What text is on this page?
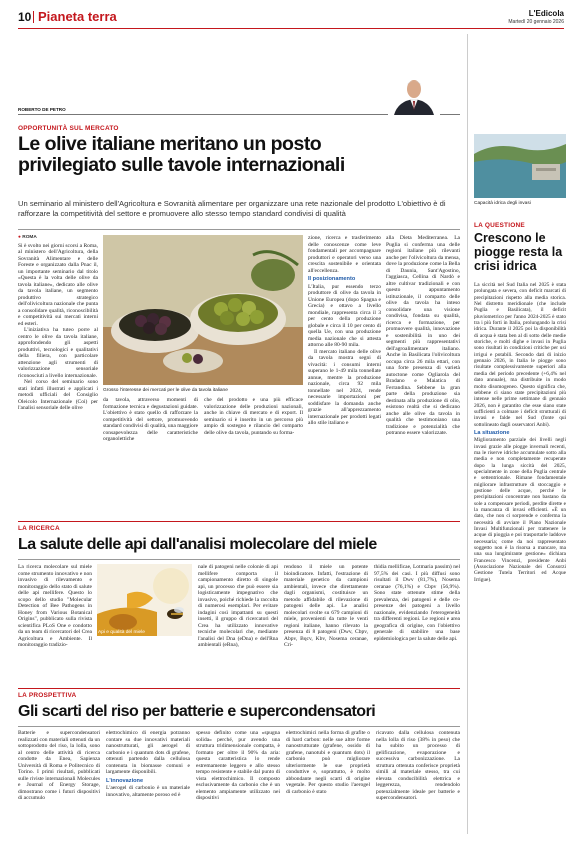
10 Pianeta terra	L'Edicola
Martedì 20 gennaio 2026
ROBERTO DE PETRO
OPPORTUNITÀ SUL MERCATO
Le olive italiane meritano un posto
privilegiato sulle tavole internazionali
Un seminario al ministero dell'Agricoltura e Sovranità alimentare per organizzare una rete nazionale del prodotto L'obiettivo è di rafforzare la competitività del settore e promuovere allo stesso tempo standard condivisi di qualità
● ROMA

Si è svolto nei giorni scorsi a Roma, al ministero dell'Agricoltura, della Sovranità Alimentare e delle Foreste e organizzato dalla Pnac il, un importante seminario dal titolo «Questa è la volta delle olive da tavola italiane», dedicato alle olive da tavola italiane, un segmento produttivo strategico dell'olivicoltura nazionale che punta a consolidare qualità, riconoscibilità e competitività sui mercati interni ed esteri.

L'iniziativa ha tuteo porre al centro le olive da tavola italiane, approfondendo gli aspetti produttivi, tecnologici e qualitativi della filiera, con particolare attenzione agli strumenti di valorizzazione sensoriale riconosciuti a livello internazionale.

Nel corso del seminario sono stati infatti illustrati e applicati i metodi ufficiali del Consiglio Oleicolo Internazionale (Coi) per l'analisi sensoriale delle olive

Grosso l'interesse dei mercati per le olive da tavola italiane

da tavola, attraverso momenti di formazione tecnica e degustazioni guidate. L'obiettivo è stato quello di rafforzare la competitività del settore, promuovendo standard condivisi di qualità, una maggiore consapevolezza delle caratteristiche organolettiche

che del prodotto e una più efficace valorizzazione delle produzioni nazionali, anche in chiave di mercato e di export. Il seminario si è inserito in un percorso più ampio di sostegno e rilancio del comparto delle olive da tavola, puntando su forma-

zione, ricerca e trasferimento delle conoscenze come leve fondamentali per accompagnare produttori e operatori verso una crescita sostenibile e orientata all'eccellenza.

Il posizionamento

L'Italia, pur essendo terzo produttore di olive da tavola in Unione Europea (dopo Spagna e Grecia) e ottavo a livello mondiale, rappresenta circa il 3 per cento della produzione globale e circa il 10 per cento di quella Ue, con una produzione media nazionale che si attesta attorno alle 80-90 mila.

Il mercato italiano delle olive da tavola mostra segni di vivacità: i consumi interni superano le 1-49 mila tonnellate annue, mentre la produzione nazionale, circa 92 mila tonnellate nel 2024, rende necessarie importazioni per soddisfare la domanda anche grazie all'apprezzamento internazionale per prodotti legati allo stile italiano e

alla Dieta Mediterranea. La Puglia si conferma una delle regioni italiane più rilevanti anche per l'olivicoltura da mensa, dove la produzione come la Bella di Daunia, Sant'Agostino, l'aggiasca, Cellina di Nardò e altre cultivar tradizionali e con questo appuntamento istituzionale, il comparto delle olive da tavola ha inteso consolidare una visione condivisa, fondata su qualità, ricerca e formazione, per promuovere qualità, innovazione e sostenibilità in uno dei segmenti più rappresentativi dell'agroalimentare italiano. Anche in Basilicata l'olivicoltura occupa circa 26 mila ettari, con una forte presenza di varietà autoctone come Ogliarola del Bradano e Maiatica di Ferrandina. Sebbene la gran parte della produzione sia destinata alla produzione di olio, esistono realtà che si dedicano anche alle olive da tavola in qualità che testimoniano una tradizione e potenzialità che potranno essere valorizzate.

LA RICERCA
La salute delle api dall'analisi molecolare del miele

La ricerca molecolare sul miele come strumento innovativo e non invasivo di rilevamento e monitoraggio dello stato di salute delle api mellifere. Questo lo scopo dello studio "Molecular Detection of Bee Pathogens in Honey from Various Botanical Origins", pubblicato sulla rivista scientifica PLoS One e condotto da un team di ricercatori del Crea Agricoltura e Ambiente. Il monitoraggio tradizio-

Api e qualità del miele

nale di patogeni nelle colonie di api mellifere comporta il campionamento diretto di singole api, un processo che può essere sia logisticamente impegnativo che invasivo, poiché richiede la raccolta di numerosi esemplari. Per evitare indagini così impattanti su questi insetti, il gruppo di ricercatori del Crea ha utilizzato innovative tecniche molecolari che, mediante l'analisi del Dna (eDna) e dell'Rna ambientali (eRna),

rendono il miele un potente bioindicatore. Infatti, l'estrazione di materiale genetico da campioni ambientali, invece che direttamente dagli organismi, costituisce un metodo affidabile di rilevazione di patogeni delle api. Le analisi molecolari svolte su 679 campioni di miele, provenienti da tutte le venti regioni italiane, hanno rilevato la presenza di 8 patogeni (Dwv, Cbpv, Abpv, Bqcv, Kbv, Nosema ceranae, Cri-

thidia mellificae, Lotmaria passim) nel 97,5% dei casi. I più diffusi sono risultati il Dwv (81,7%), Nosema ceranae (76,1%) e Cbpv (56,9%). Sono state ottenute stime della prevalenza, dei patogeni e delle co-presenze dei patogeni a livello nazionale, evidenziando l'eterogeneità tra differenti regioni. Le regioni e area geografica di origine, con l'obiettivo generale di stabilire una base epidemiologica per la salute delle api.

LA PROSPETTIVA
Gli scarti del riso per batterie e supercondensatori

Batterie e supercondensatori realizzati con materiali ottenuti da un sottoprodotto del riso, la lolla, sono al centro delle attività di ricerca condotte da Enea, Sapienza Università di Roma e Politecnico di Torino. I primi risultati, pubblicati sulle riviste internazionali Molecules e Journal of Energy Storage, dimostrano come i futuri dispositivi di accumulo

elettrochimico di energia potranno contare su due innovativi materiali nanostrutturati, gli aerogel di carbonio e i quantum dots di grafene, ottenuti partendo dalla cellulosa contenuta in biomasse comuni e largamente disponibili.

L'innovazione

L'aerogel di carbonio è un materiale innovativo, altamente poroso ed è

spesso definito come una «spugna solida» perché, pur avendo una struttura tridimensionale compatta, è formato per oltre il 90% da aria: questa caratteristica lo rende estremamente leggero e allo stesso tempo resistente e stabile dal punto di vista elettrochimico. Il composto esclusivamente da carbonio che è un elemento ampiamente utilizzato nei dispositivi

elettrochimici nella forma di grafite o di hard carbon: nelle sue altre forme nanostrutturate (grafene, ossido di grafene, nanotubi e quantum dots) il carbonio può migliorare ulteriormente le sue proprietà conduttive e, soprattutto, è molto abbondante negli scarti di origine vegetale. Per questo studio l'aerogel di carbonio è stato

ricavato dalla cellulosa contenuta nella lolla di riso (38% in peso) che ha subito un processo di gelificazione, evaporazione e successiva carbonizzazione. La struttura ottenuta conferisce proprietà simili al materiale stesso, tra cui elevata conducibilità elettrica e leggerezza, rendendolo potenzialmente ideale per batterie e supercondensatori.

Capacità idrica degli invasi
LA QUESTIONE
Crescono le piogge resta la crisi idrica

La siccità nel Sud Italia nel 2025 è stata prolungata e severa, con deficit marcati di precipitazioni rispetto alla media storica. Nel distretto meridionale (che include Puglia e Basilicata), il deficit pluviometrico per l'anno 2024-2025 è stato tra i più forti in Italia, prolungando la crisi idrica. Durante il 2025 poi la disponibilità di acqua è stata ben al di sotto delle medie storiche, e molti dighe e invasi in Puglia sono risultati in condizioni critiche per usi irrigui e potabili. Secondo dati di inizio gennaio 2026, in Italia le piogge sono risultate complessivamente superiori alla media del periodo precedente (+6,4% nel dato annuale), ma distribuite in modo molto disomogeneo. Questo significa che, sebbene ci siano state precipitazioni più intense nelle prime settimane di gennaio 2026, non è garantito che esse siano state sufficienti a colmare i deficit strutturali di invasi e falde nel Sud (fonte qui sottolineato dagli osservatori Anbi).

La situazione

Miglioramento parziale dei livelli negli invasi grazie alle piogge invernali recenti, ma le riserve idriche accumulate sotto alla media e non completamente recuperate dopo la lunga siccità del 2025, specialmente in zone della Puglia centrale e settentrionale. Rimane fondamentale migliorare infrastrutture di stoccaggio e gestione delle acque, perché le precipitazioni concentrate non bastano da sole a compensare periodi, perdite dirette e la mancanza di invasi efficienti. «È un dato, che non ci sorprende e conferma la necessità di avviare il Piano Nazionale Invasi Multifunzionali per trattenere le acque di pioggia e poi trasportarle laddove necessaria; come da noi rappresentato soggetto non è la risorsa a mancare, ma una sua lungimirante gestione» dichiara Francesco Vincenzi, presidente Anbi (Associazione Nazionale dei Consorzi Gestione Tutela Territori ed Acque Irrigue).
